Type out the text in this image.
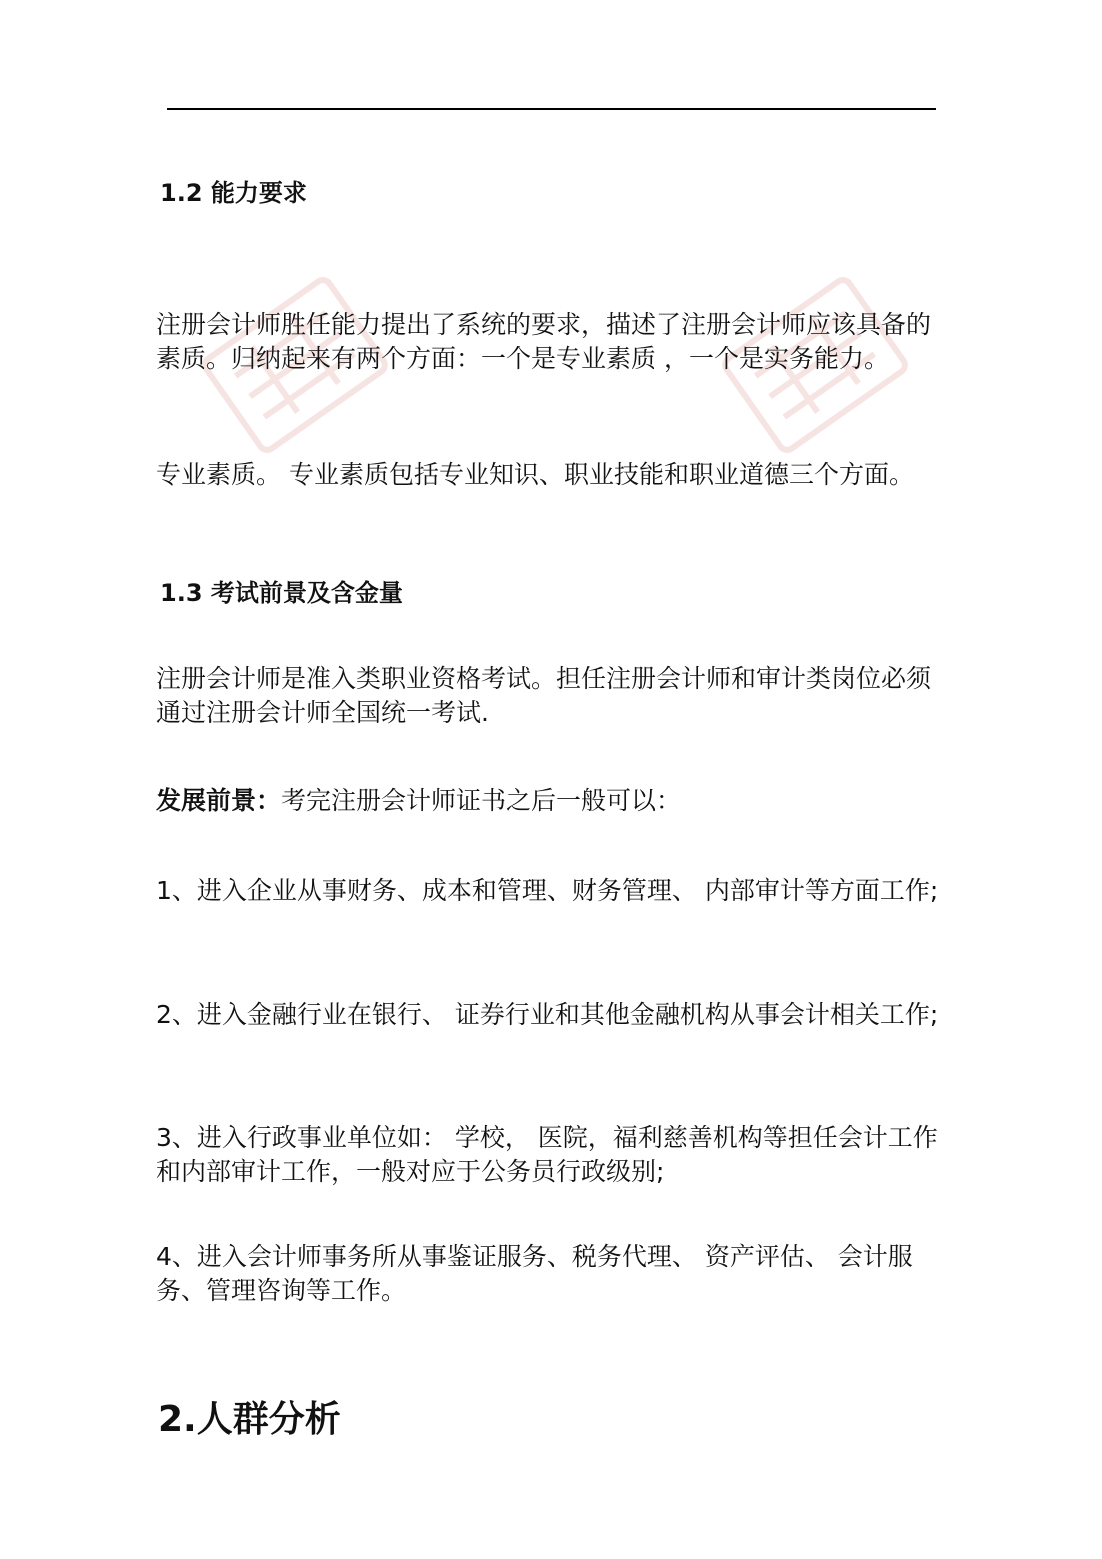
1.2 能力要求

注册会计师胜任能力提出了系统的要求，描述了注册会计师应该具备的素质。归纳起来有两个方面：一个是专业素质 ，一个是实务能力。

专业素质。 专业素质包括专业知识、职业技能和职业道德三个方面。

1.3 考试前景及含金量

注册会计师是准入类职业资格考试。担任注册会计师和审计类岗位必须通过注册会计师全国统一考试.

发展前景：考完注册会计师证书之后一般可以：

1、进入企业从事财务、成本和管理、财务管理、 内部审计等方面工作;

2、进入金融行业在银行、 证券行业和其他金融机构从事会计相关工作;

3、进入行政事业单位如： 学校， 医院，福利慈善机构等担任会计工作和内部审计工作，一般对应于公务员行政级别;

4、进入会计师事务所从事鉴证服务、税务代理、 资产评估、 会计服务、管理咨询等工作。

2.人群分析
